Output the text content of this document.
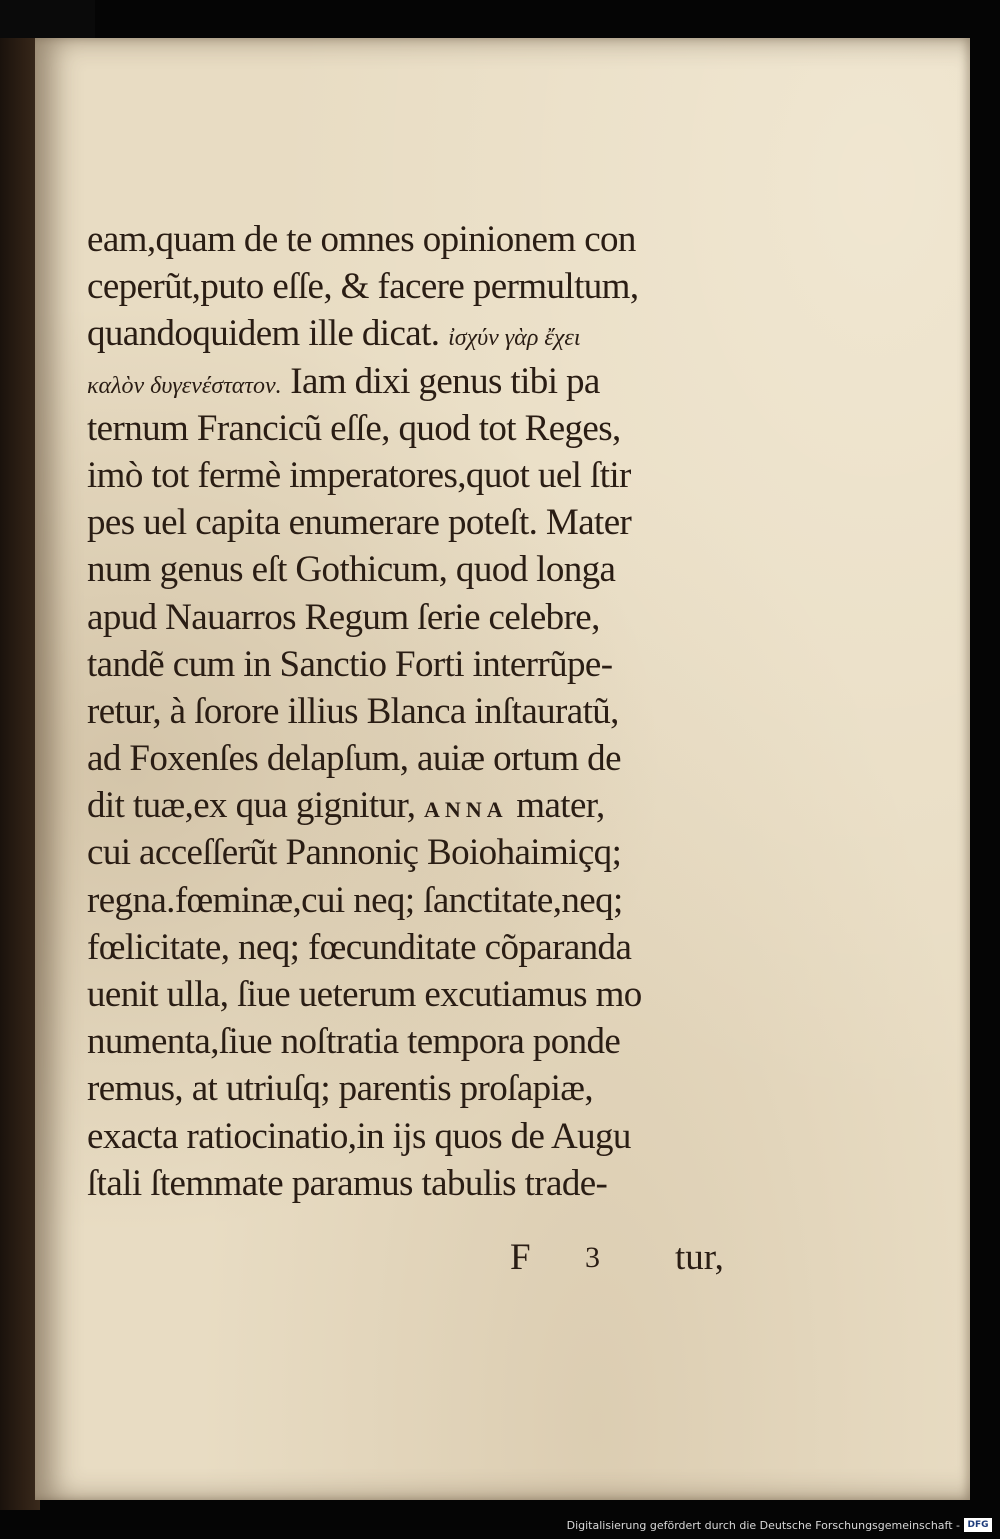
eam,quam de te omnes opinionem con
ceperũt,puto eſſe, & facere permultum,
quandoquidem ille dicat. ἰσχύν γὰρ ἔχει
καλὸν δυγενέστατον. Iam dixi genus tibi pa
ternum Francicũ eſſe, quod tot Reges,
imò tot fermè imperatores,quot uel ſtir
pes uel capita enumerare poteſt. Mater
num genus eſt Gothicum, quod longa
apud Nauarros Regum ſerie celebre,
tandẽ cum in Sanctio Forti interrũpe-
retur, à ſorore illius Blanca inſtauratũ,
ad Foxenſes delapſum, auiæ ortum de
dit tuæ,ex qua gignitur, ANNA mater,
cui acceſſerũt Pannoniç Boiohaimiçq;
regna.fœminæ,cui neq; ſanctitate,neq;
fœlicitate, neq; fœcunditate cõparanda
uenit ulla, ſiue ueterum excutiamus mo
numenta,ſiue noſtratia tempora ponde
remus, at utriuſq; parentis proſapiæ,
exacta ratiocinatio,in ijs quos de Augu
ſtali ſtemmate paramus tabulis trade-
F 3 tur,
Digitalisierung gefördert durch die Deutsche Forschungsgemeinschaft - DFG
